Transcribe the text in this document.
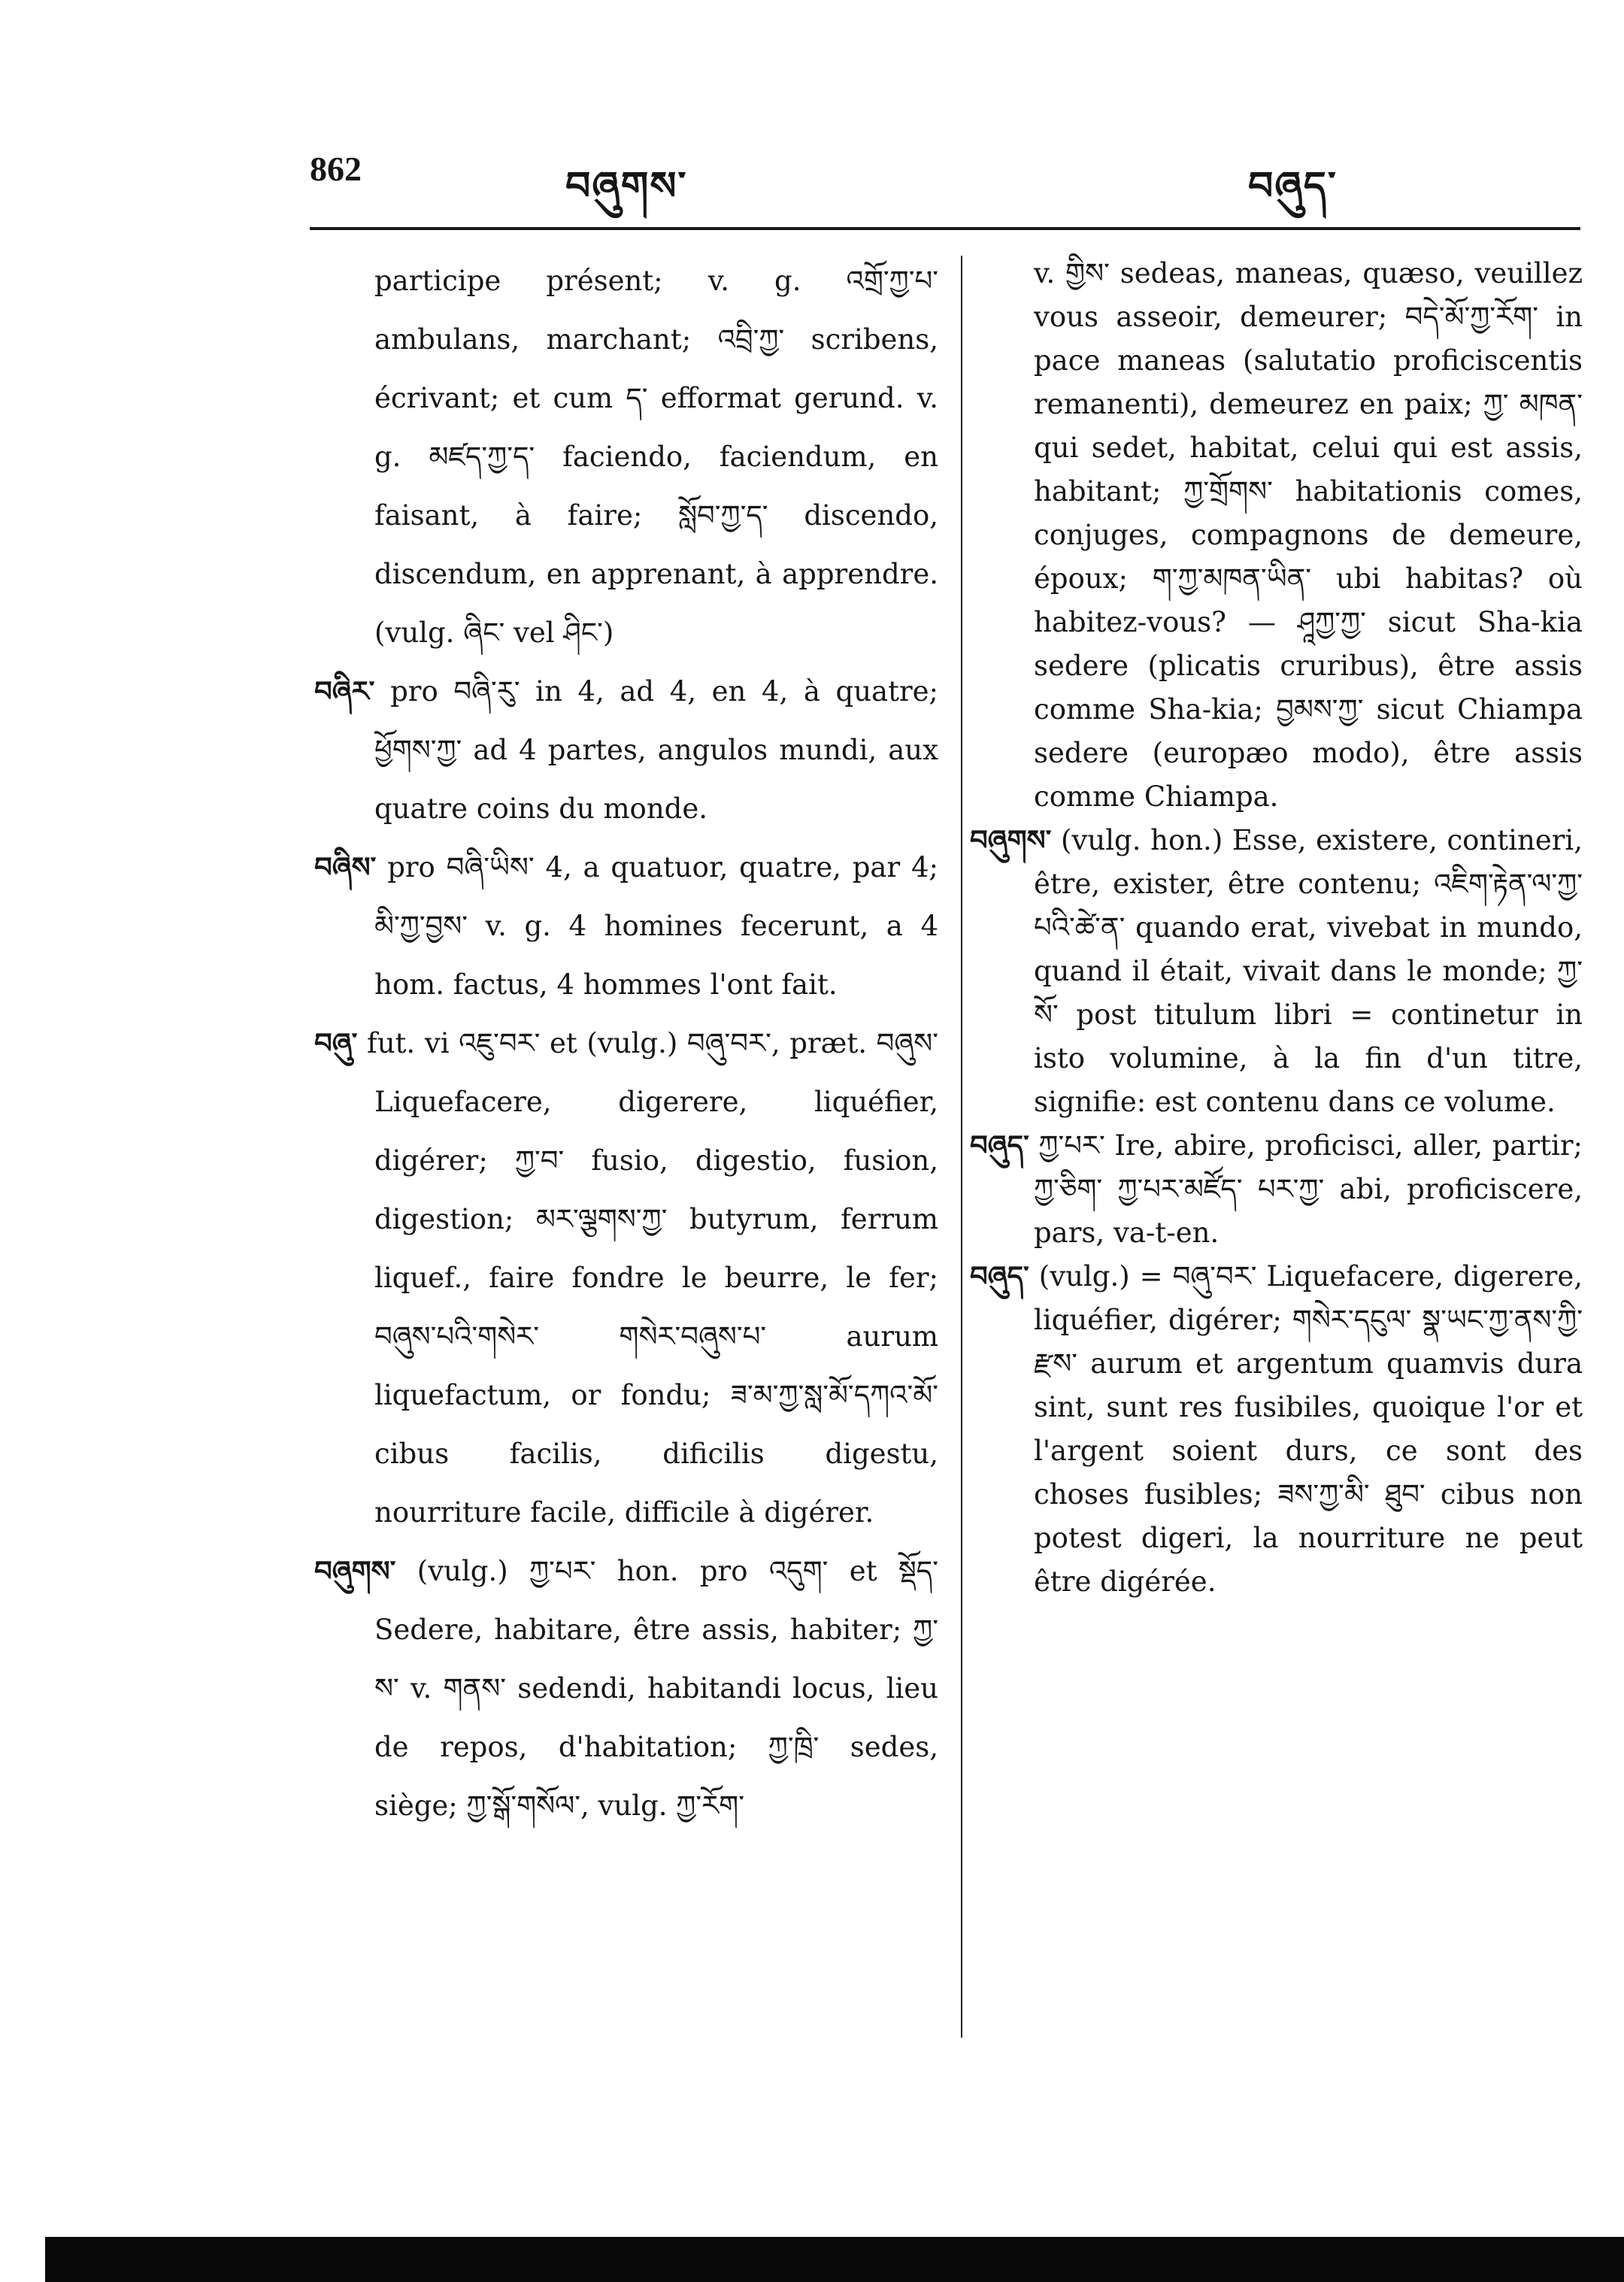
862	བཞུགས་	བཞུད་
participe présent; v. g. འགྲོ་ཀྱ་པ་ ambulans, marchant; འབྲི་ཀྱ་ scribens, écrivant; et cum ད་ efformat gerund. v. g. མཛད་ཀྱ་ད་ faciendo, faciendum, en faisant, à faire; སློབ་ཀྱ་ད་ discendo, discendum, en apprenant, à apprendre. (vulg. ཞིང་ vel ཤིང་)
བཞིར་ pro བཞི་རུ་ in 4, ad 4, en 4, à quatre; ཕྱོགས་ཀྱ་ ad 4 partes, angulos mundi, aux quatre coins du monde.
བཞིས་ pro བཞི་ཡིས་ 4, a quatuor, quatre, par 4; མི་ཀྱ་བྱས་ v. g. 4 homines fecerunt, a 4 hom. factus, 4 hommes l'ont fait.
བཞུ་ fut. vi འཇུ་བར་ et (vulg.) བཞུ་བར་, præt. བཞུས་ Liquefacere, digerere, liquéfier, digérer; ཀྱ་བ་ fusio, digestio, fusion, digestion; མར་ལྕགས་ཀྱ་ butyrum, ferrum liquef., faire fondre le beurre, le fer; བཞུས་པའི་གསེར་ གསེར་བཞུས་པ་ aurum liquefactum, or fondu; ཟ་མ་ཀྱ་སླ་མོ་དཀའ་མོ་ cibus facilis, dificilis digestu, nourriture facile, difficile à digérer.
བཞུགས་ (vulg.) ཀྱ་པར་ hon. pro འདུག་ et སྡོད་ Sedere, habitare, être assis, habiter; ཀྱ་ས་ v. གནས་ sedendi, habitandi locus, lieu de repos, d'habitation; ཀྱ་ཁྲི་ sedes, siège; ཀྱ་སྒོ་གསོལ་, vulg. ཀྱ་རོག་
v. གྱིས་ sedeas, maneas, quæso, veuillez vous asseoir, demeurer; བདེ་མོ་ཀྱ་རོག་ in pace maneas (salutatio proficiscentis remanenti), demeurez en paix; ཀྱ་ མཁན་ qui sedet, habitat, celui qui est assis, habitant; ཀྱ་གྲོགས་ habitationis comes, conjuges, compagnons de demeure, époux; ག་ཀྱ་མཁན་ཡིན་ ubi habitas? où habitez-vous? — ཤཱཀྱ་ཀྱ་ sicut Sha-kia sedere (plicatis cruribus), être assis comme Sha-kia; བྱམས་ཀྱ་ sicut Chiampa sedere (europæo modo), être assis comme Chiampa.
བཞུགས་ (vulg. hon.) Esse, existere, contineri, être, exister, être contenu; འཇིག་རྟེན་ལ་ཀྱ་པའི་ཚེ་ན་ quando erat, vivebat in mundo, quand il était, vivait dans le monde; ཀྱ་སོ་ post titulum libri = continetur in isto volumine, à la fin d'un titre, signifie: est contenu dans ce volume.
བཞུད་ ཀྱ་པར་ Ire, abire, proficisci, aller, partir; ཀྱ་ཅིག་ ཀྱ་པར་མཛོད་ པར་ཀྱ་ abi, proficiscere, pars, va-t-en.
བཞུད་ (vulg.) = བཞུ་བར་ Liquefacere, digerere, liquéfier, digérer; གསེར་དངུལ་ སྣ་ཡང་ཀྱ་ནས་ཀྱི་རྫས་ aurum et argentum quamvis dura sint, sunt res fusibiles, quoique l'or et l'argent soient durs, ce sont des choses fusibles; ཟས་ཀྱ་མི་ ཐུབ་ cibus non potest digeri, la nourriture ne peut être digérée.
